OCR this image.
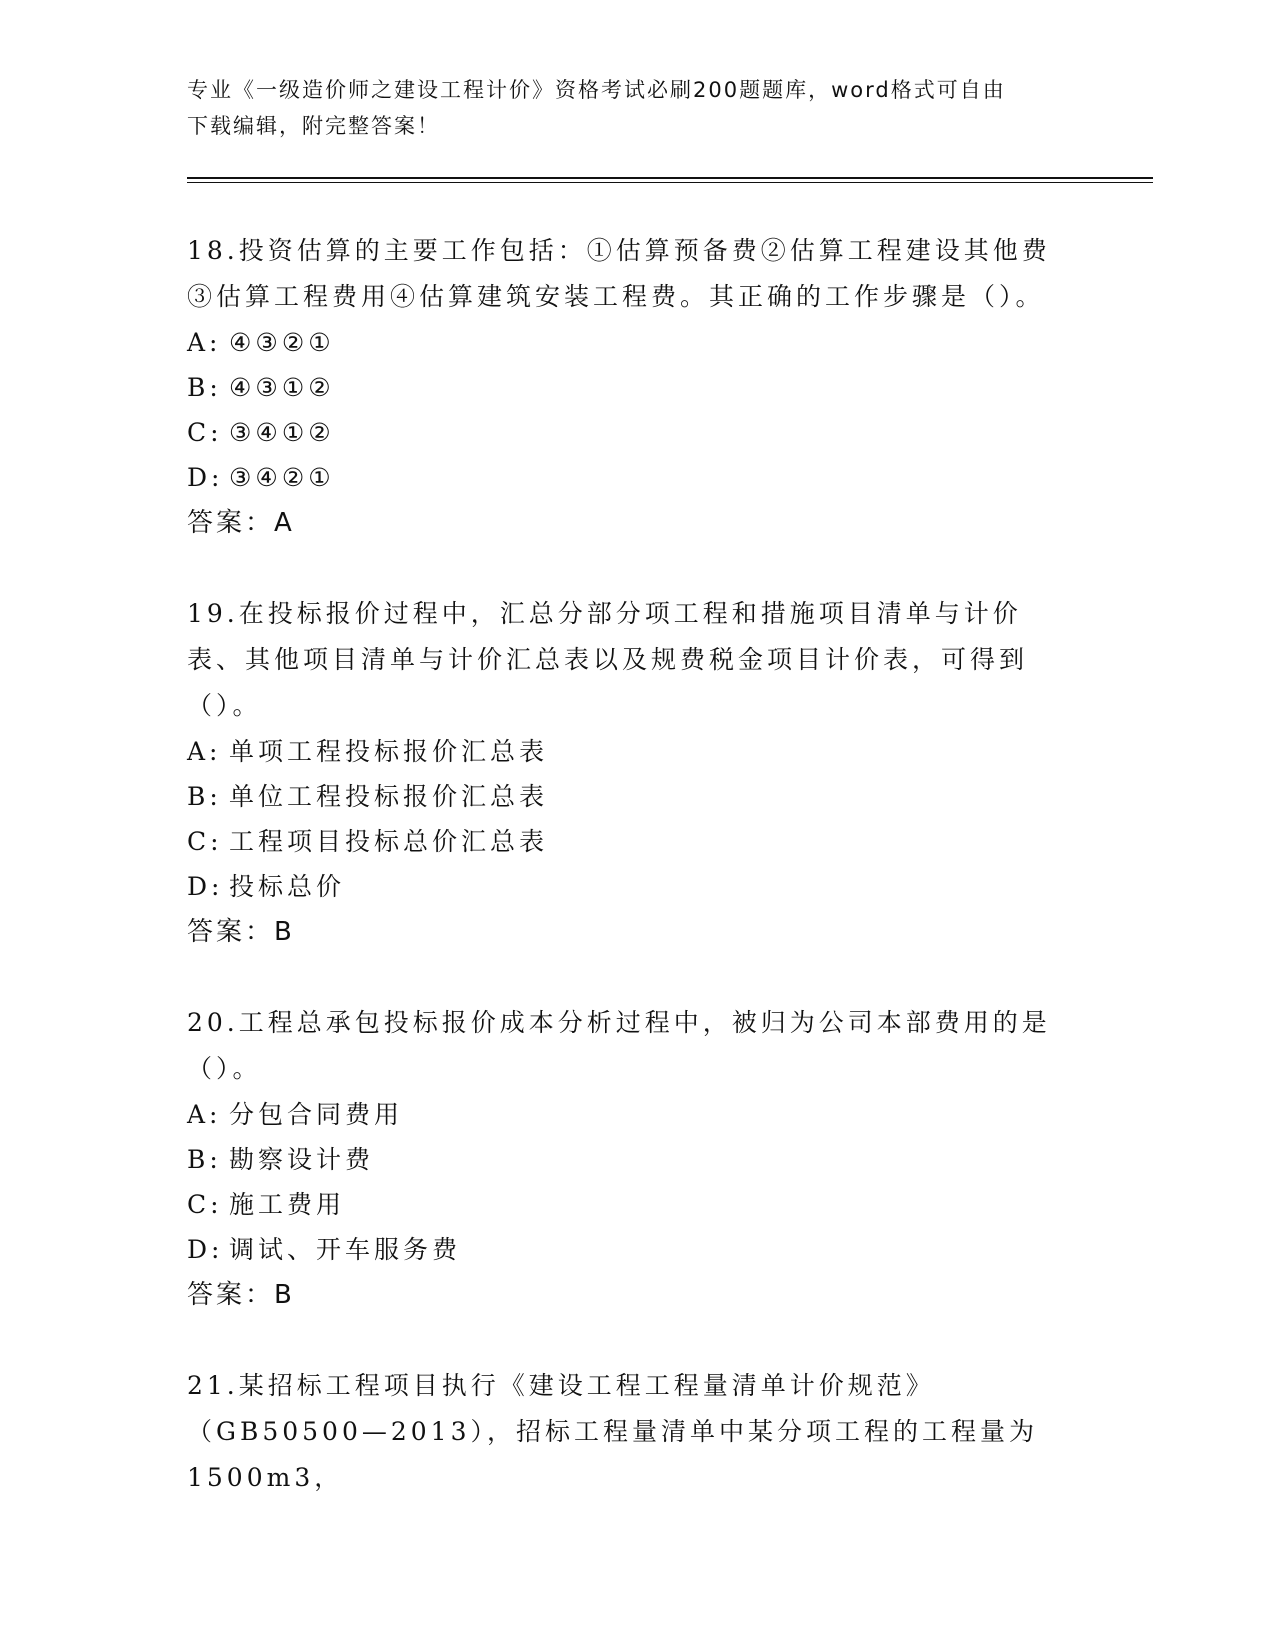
专业《一级造价师之建设工程计价》资格考试必刷200题题库，word格式可自由
下载编辑，附完整答案！

18.投资估算的主要工作包括：①估算预备费②估算工程建设其他费③估算工程费用④估算建筑安装工程费。其正确的工作步骤是（）。

A: ④③②①

B: ④③①②

C: ③④①②

D: ③④②①

答案：A

19.在投标报价过程中，汇总分部分项工程和措施项目清单与计价表、其他项目清单与计价汇总表以及规费税金项目计价表，可得到（）。

A: 单项工程投标报价汇总表

B: 单位工程投标报价汇总表

C: 工程项目投标总价汇总表

D: 投标总价

答案：B

20.工程总承包投标报价成本分析过程中，被归为公司本部费用的是（）。

A: 分包合同费用

B: 勘察设计费

C: 施工费用

D: 调试、开车服务费

答案：B

21.某招标工程项目执行《建设工程工程量清单计价规范》（GB50500—2013），招标工程量清单中某分项工程的工程量为1500m3，
